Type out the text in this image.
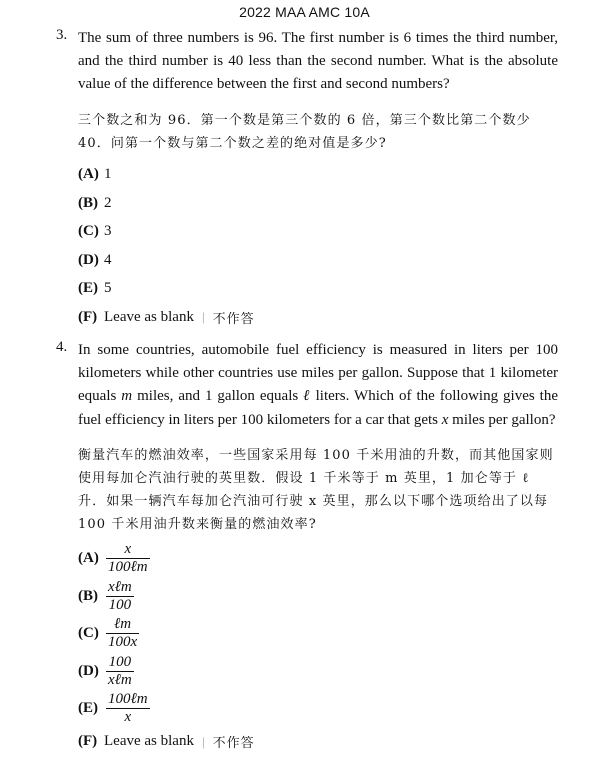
2022 MAA AMC 10A
3. The sum of three numbers is 96. The first number is 6 times the third number, and the third number is 40 less than the second number. What is the absolute value of the difference between the first and second numbers?
三个数之和为 96．第一个数是第三个数的 6 倍，第三个数比第二个数少 40．问第一个数与第二个数之差的绝对值是多少?
(A) 1
(B) 2
(C) 3
(D) 4
(E) 5
(F) Leave as blank | 不作答
4. In some countries, automobile fuel efficiency is measured in liters per 100 kilometers while other countries use miles per gallon. Suppose that 1 kilometer equals m miles, and 1 gallon equals ℓ liters. Which of the following gives the fuel efficiency in liters per 100 kilometers for a car that gets x miles per gallon?
衡量汽车的燃油效率，一些国家采用每 100 千米用油的升数，而其他国家则使用每加仑汽油行驶的英里数．假设 1 千米等于 m 英里，1 加仑等于 ℓ 升．如果一辆汽车每加仑汽油可行驶 x 英里，那么以下哪个选项给出了以每 100 千米用油升数来衡量的燃油效率?
$(A) \frac{x}{\text{100ℓm}}$
$(B) \frac{\text{xℓm}}{100}$
$(C) \frac{\text{ℓm}}{100x}$
$(D) \frac{100}{\text{xℓm}}$
$(E) \frac{\text{100ℓm}}{x}$
(F) Leave as blank | 不作答
